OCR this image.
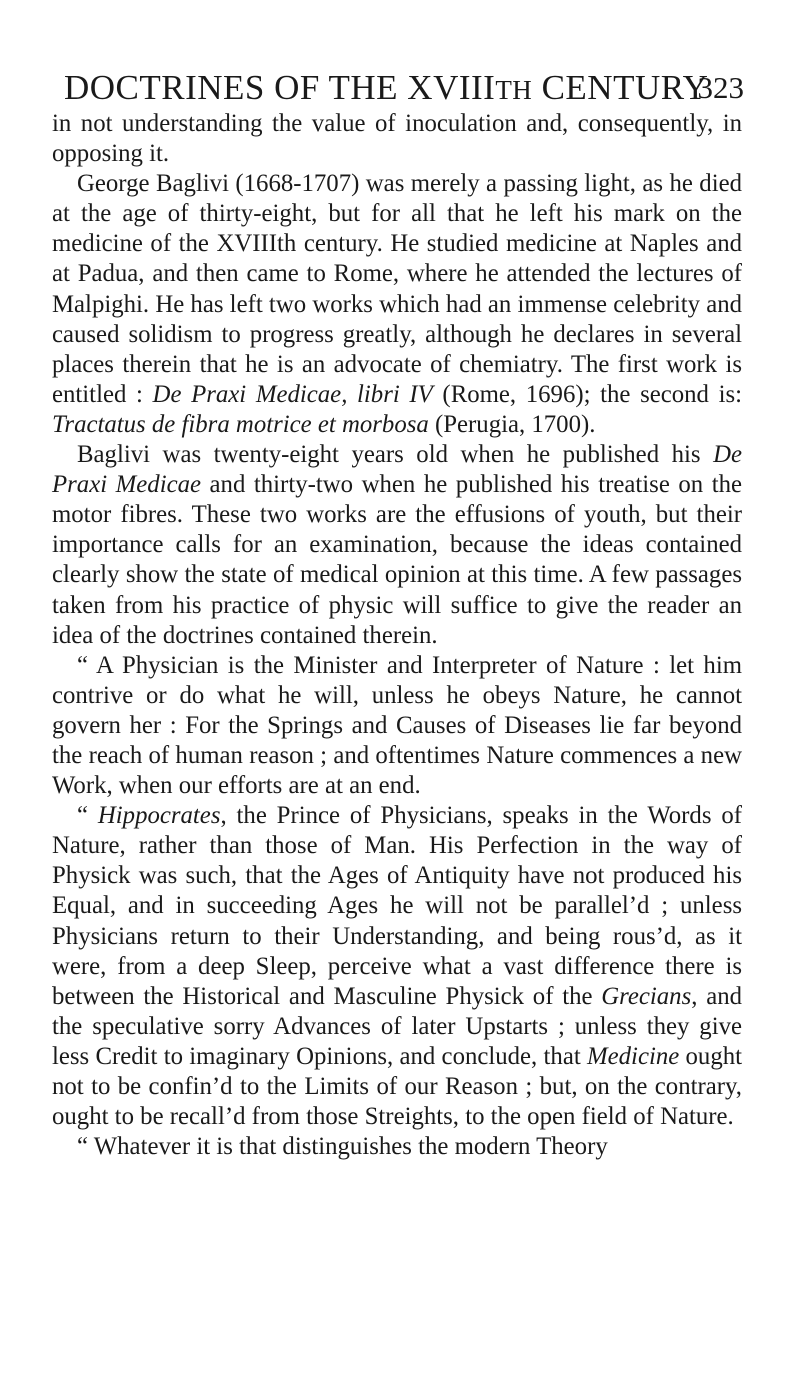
DOCTRINES OF THE XVIIITH CENTURY
323

in not understanding the value of inoculation and, consequently, in opposing it.

George Baglivi (1668-1707) was merely a passing light, as he died at the age of thirty-eight, but for all that he left his mark on the medicine of the XVIIIth century. He studied medicine at Naples and at Padua, and then came to Rome, where he attended the lectures of Malpighi. He has left two works which had an immense celebrity and caused solidism to progress greatly, although he declares in several places therein that he is an advocate of chemiatry. The first work is entitled : De Praxi Medicae, libri IV (Rome, 1696); the second is: Tractatus de fibra motrice et morbosa (Perugia, 1700).

Baglivi was twenty-eight years old when he published his De Praxi Medicae and thirty-two when he published his treatise on the motor fibres. These two works are the effusions of youth, but their importance calls for an examination, because the ideas contained clearly show the state of medical opinion at this time. A few passages taken from his practice of physic will suffice to give the reader an idea of the doctrines contained therein.

“ A Physician is the Minister and Interpreter of Nature : let him contrive or do what he will, unless he obeys Nature, he cannot govern her : For the Springs and Causes of Diseases lie far beyond the reach of human reason ; and oftentimes Nature commences a new Work, when our efforts are at an end.

“ Hippocrates, the Prince of Physicians, speaks in the Words of Nature, rather than those of Man. His Perfection in the way of Physick was such, that the Ages of Antiquity have not produced his Equal, and in succeeding Ages he will not be parallel’d ; unless Physicians return to their Understanding, and being rous’d, as it were, from a deep Sleep, perceive what a vast difference there is between the Historical and Masculine Physick of the Grecians, and the speculative sorry Advances of later Upstarts ; unless they give less Credit to imaginary Opinions, and conclude, that Medicine ought not to be confin’d to the Limits of our Reason ; but, on the contrary, ought to be recall’d from those Streights, to the open field of Nature.

“ Whatever it is that distinguishes the modern Theory
